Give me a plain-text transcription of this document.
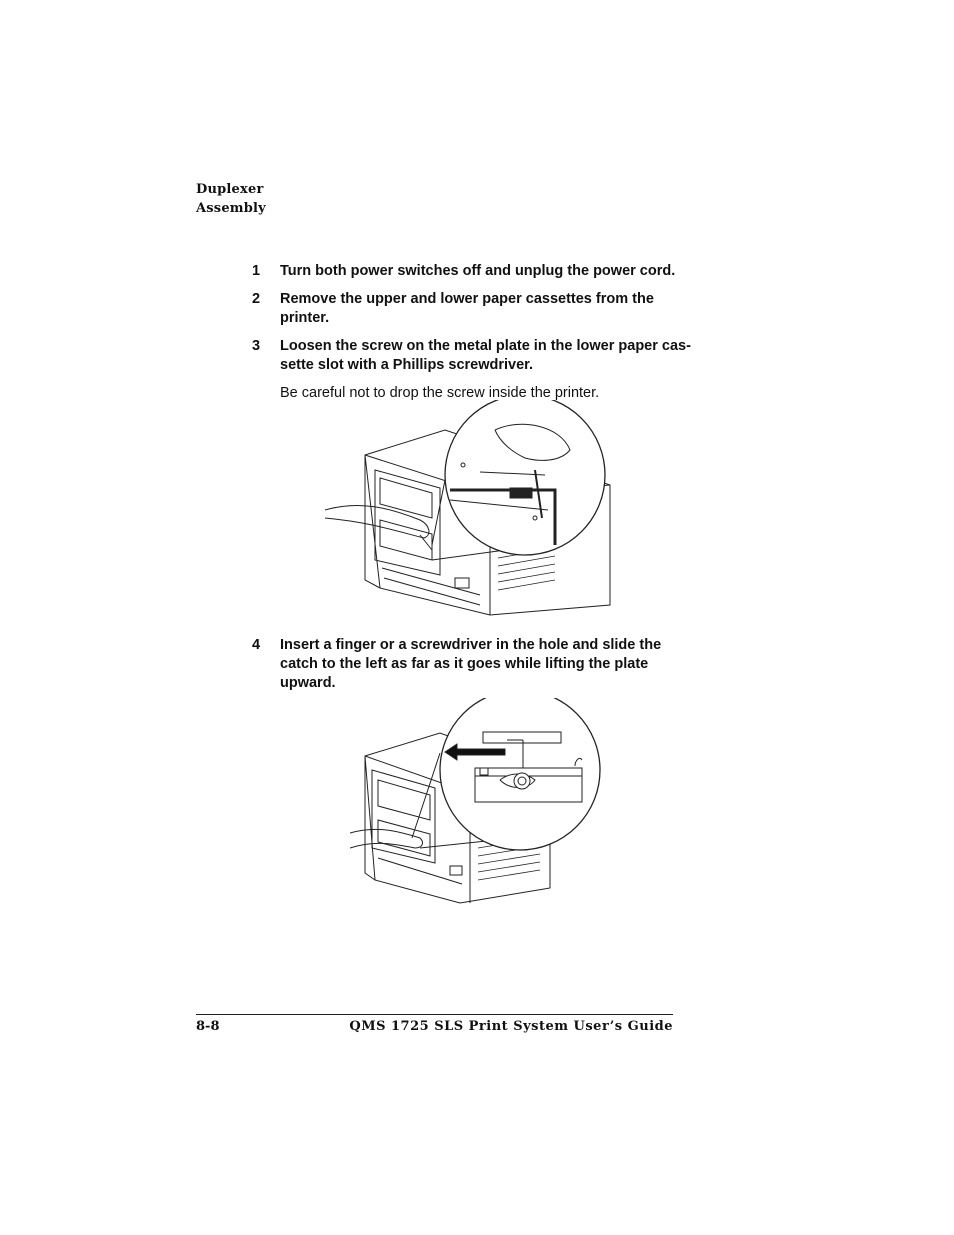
Duplexer
Assembly
1	Turn both power switches off and unplug the power cord.
2	Remove the upper and lower paper cassettes from the
printer.
3	Loosen the screw on the metal plate in the lower paper cas-
sette slot with a Phillips screwdriver.
Be careful not to drop the screw inside the printer.
4	Insert a finger or a screwdriver in the hole and slide the
catch to the left as far as it goes while lifting the plate
upward.
8-8	QMS 1725 SLS Print System User’s Guide
